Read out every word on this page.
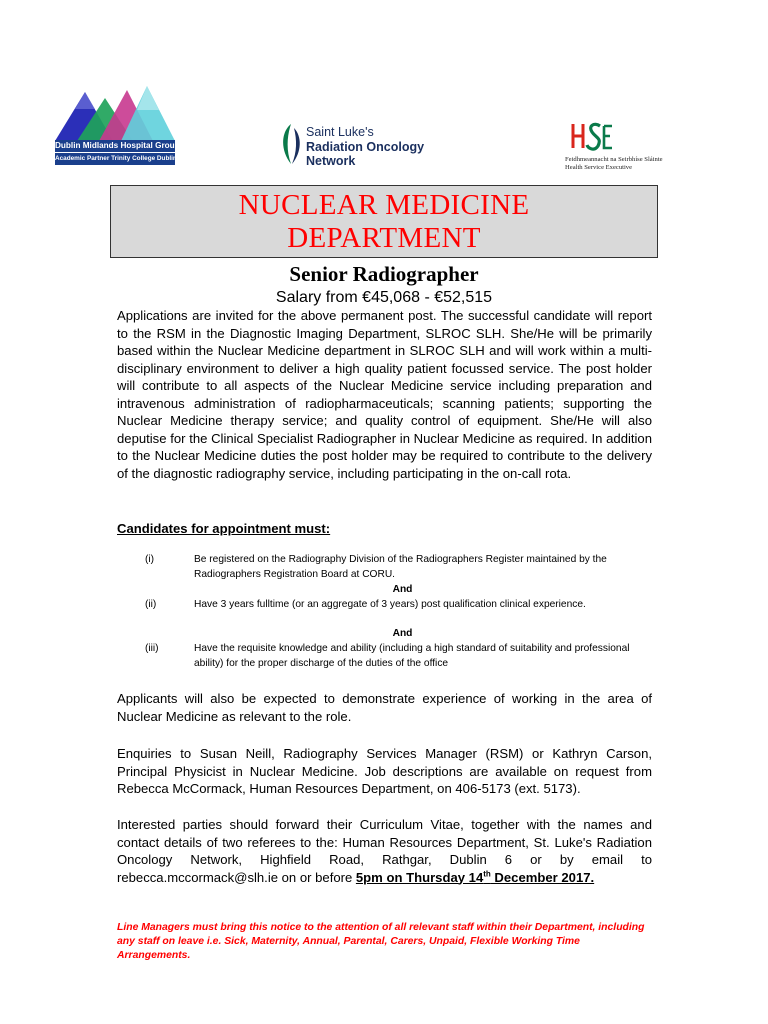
Dublin Midlands Hospital Group
Academic Partner Trinity College Dublin
Saint Luke's
Radiation Oncology
Network	Feidhmeannacht na Seirbhíse Sláinte
Health Service Executive
NUCLEAR MEDICINE
DEPARTMENT
Senior Radiographer
Salary from €45,068 - €52,515
Applications are invited for the above permanent post. The successful candidate will report to the RSM in the Diagnostic Imaging Department, SLROC SLH. She/He will be primarily based within the Nuclear Medicine department in SLROC SLH and will work within a multi-disciplinary environment to deliver a high quality patient focussed service. The post holder will contribute to all aspects of the Nuclear Medicine service including preparation and intravenous administration of radiopharmaceuticals; scanning patients; supporting the Nuclear Medicine therapy service; and quality control of equipment. She/He will also deputise for the Clinical Specialist Radiographer in Nuclear Medicine as required. In addition to the Nuclear Medicine duties the post holder may be required to contribute to the delivery of the diagnostic radiography service, including participating in the on-call rota.
Candidates for appointment must:
(i)	Be registered on the Radiography Division of the Radiographers Register maintained by the Radiographers Registration Board at CORU.
And
(ii)	Have 3 years fulltime (or an aggregate of 3 years) post qualification clinical experience.
And
(iii)	Have the requisite knowledge and ability (including a high standard of suitability and professional ability) for the proper discharge of the duties of the office
Applicants will also be expected to demonstrate experience of working in the area of Nuclear Medicine as relevant to the role.
Enquiries to Susan Neill, Radiography Services Manager (RSM) or Kathryn Carson, Principal Physicist in Nuclear Medicine. Job descriptions are available on request from Rebecca McCormack, Human Resources Department, on 406-5173 (ext. 5173).
Interested parties should forward their Curriculum Vitae, together with the names and contact details of two referees to the: Human Resources Department, St. Luke's Radiation Oncology Network, Highfield Road, Rathgar, Dublin 6 or by email to rebecca.mccormack@slh.ie on or before 5pm on Thursday 14th December 2017.
Line Managers must bring this notice to the attention of all relevant staff within their Department, including any staff on leave i.e. Sick, Maternity, Annual, Parental, Carers, Unpaid, Flexible Working Time Arrangements.
